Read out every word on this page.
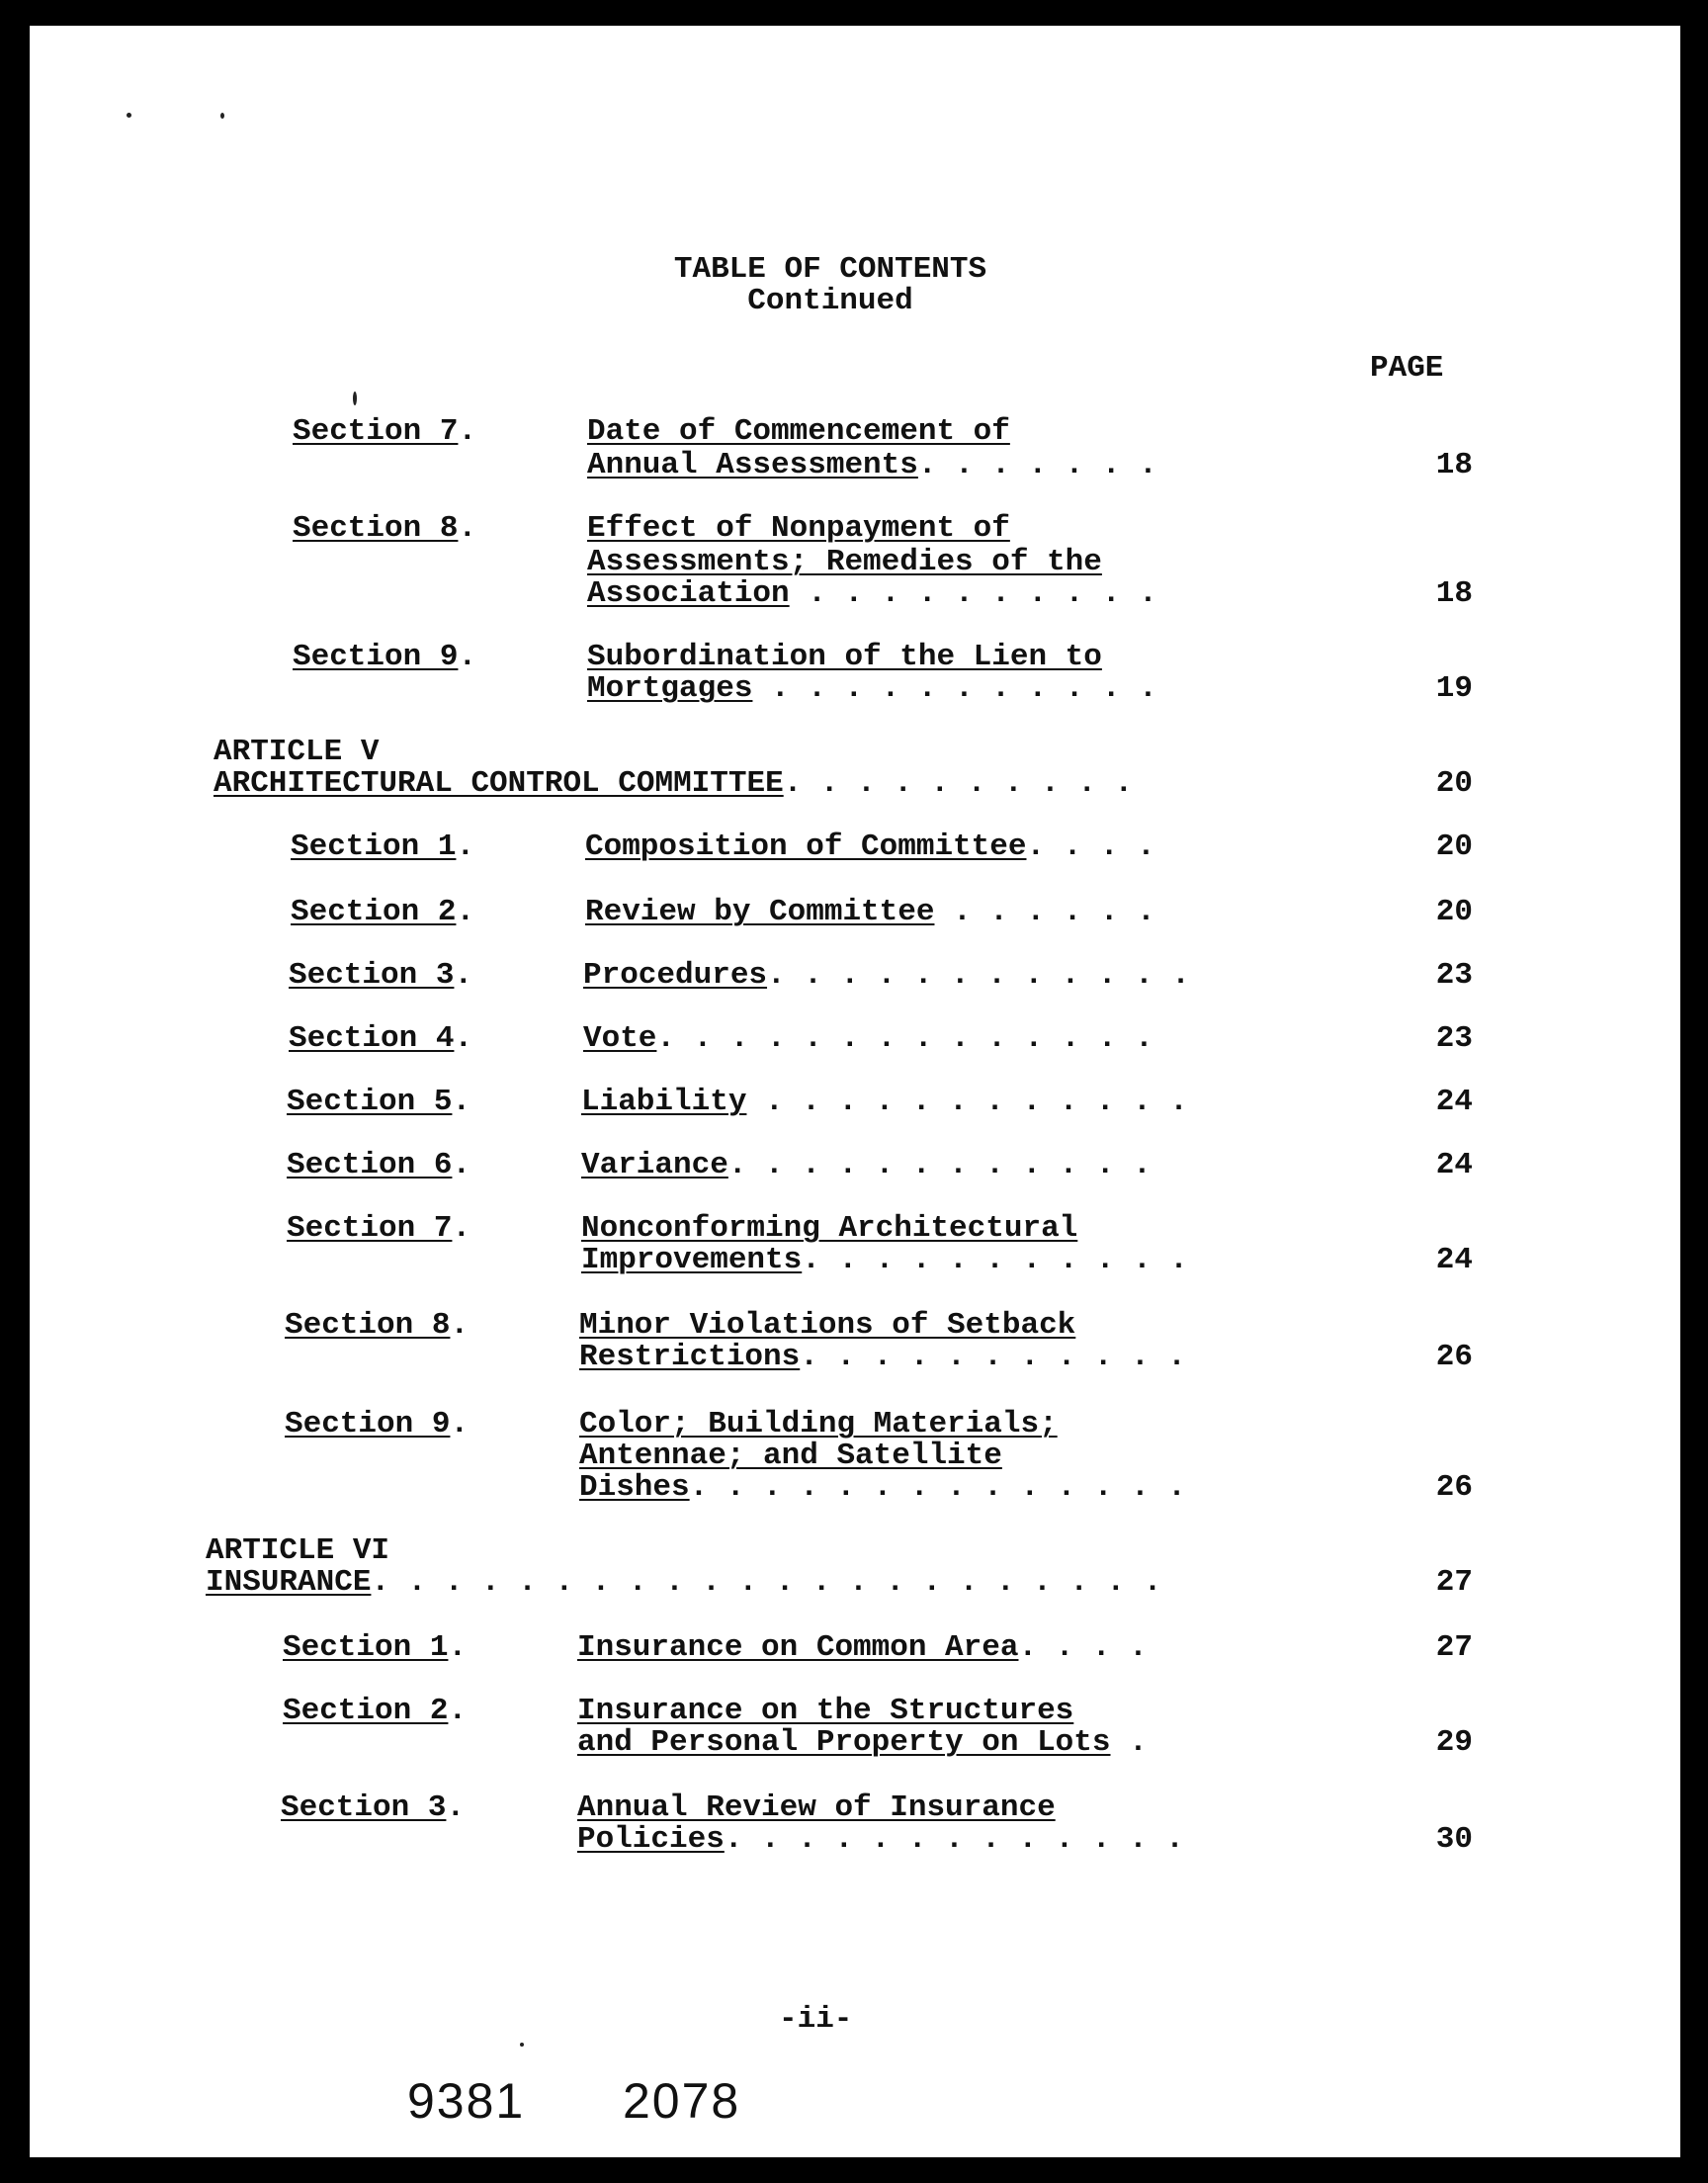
TABLE OF CONTENTS
Continued
PAGE
Section 7.	Date of Commencement of
Annual Assessments. . . . . . .	18
Section 8.	Effect of Nonpayment of
Assessments; Remedies of the
Association . . . . . . . . . .	18
Section 9.	Subordination of the Lien to
Mortgages . . . . . . . . . . .	19
ARTICLE V
ARCHITECTURAL CONTROL COMMITTEE. . . . . . . . . .	20
Section 1.	Composition of Committee. . . .	20
Section 2.	Review by Committee . . . . . .	20
Section 3.	Procedures. . . . . . . . . . . .	23
Section 4.	Vote. . . . . . . . . . . . . .	23
Section 5.	Liability . . . . . . . . . . . .	24
Section 6.	Variance. . . . . . . . . . . .	24
Section 7.	Nonconforming Architectural
Improvements. . . . . . . . . . .	24
Section 8.	Minor Violations of Setback
Restrictions. . . . . . . . . . .	26
Section 9.	Color; Building Materials;
Antennae; and Satellite
Dishes. . . . . . . . . . . . . .	26
ARTICLE VI
INSURANCE. . . . . . . . . . . . . . . . . . . . . .	27
Section 1.	Insurance on Common Area. . . .	27
Section 2.	Insurance on the Structures
and Personal Property on Lots .	29
Section 3.	Annual Review of Insurance
Policies. . . . . . . . . . . . .	30
-ii-
9381 2078
